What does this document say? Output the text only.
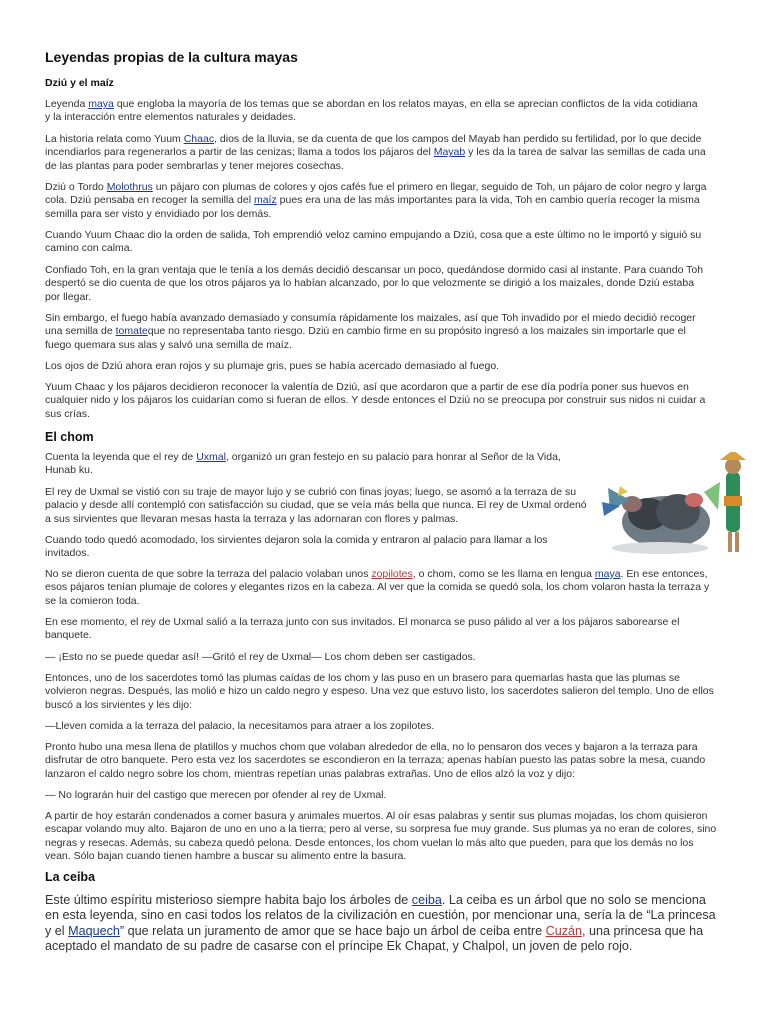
Leyendas propias de la cultura mayas
Dziú y el maíz

Leyenda maya que engloba la mayoría de los temas que se abordan en los relatos mayas, en ella se aprecian conflictos de la vida cotidiana y la interacción entre elementos naturales y deidades.

La historia relata como Yuum Chaac, dios de la lluvia, se da cuenta de que los campos del Mayab han perdido su fertilidad, por lo que decide incendiarlos para regenerarlos a partir de las cenizas; llama a todos los pájaros del Mayab y les da la tarea de salvar las semillas de cada una de las plantas para poder sembrarlas y tener mejores cosechas.

Dziú o Tordo Molothrus un pájaro con plumas de colores y ojos cafés fue el primero en llegar, seguido de Toh, un pájaro de color negro y larga cola. Dziú pensaba en recoger la semilla del maíz pues era una de las más importantes para la vida, Toh en cambio quería recoger la misma semilla para ser visto y envidiado por los demás.

Cuando Yuum Chaac dio la orden de salida, Toh emprendió veloz camino empujando a Dziú, cosa que a este último no le importó y siguió su camino con calma.

Confiado Toh, en la gran ventaja que le tenía a los demás decidió descansar un poco, quedándose dormido casi al instante. Para cuando Toh despertó se dio cuenta de que los otros pájaros ya lo habían alcanzado, por lo que velozmente se dirigió a los maizales, donde Dziú estaba por llegar.

Sin embargo, el fuego había avanzado demasiado y consumía rápidamente los maizales, así que Toh invadido por el miedo decidió recoger una semilla de tomateque no representaba tanto riesgo. Dziú en cambio firme en su propósito ingresó a los maizales sin importarle que el fuego quemara sus alas y salvó una semilla de maíz.

Los ojos de Dziú ahora eran rojos y su plumaje gris, pues se había acercado demasiado al fuego.

Yuum Chaac y los pájaros decidieron reconocer la valentía de Dziú, así que acordaron que a partir de ese día podría poner sus huevos en cualquier nido y los pájaros los cuidarían como si fueran de ellos. Y desde entonces el Dziú no se preocupa por construir sus nidos ni cuidar a sus crías.

El chom

Cuenta la leyenda que el rey de Uxmal, organizó un gran festejo en su palacio para honrar al Señor de la Vida, Hunab ku.

El rey de Uxmal se vistió con su traje de mayor lujo y se cubrió con finas joyas; luego, se asomó a la terraza de su palacio y desde allí contempló con satisfacción su ciudad, que se veía más bella que nunca. El rey de Uxmal ordenó a sus sirvientes que llevaran mesas hasta la terraza y las adornaran con flores y palmas.

Cuando todo quedó acomodado, los sirvientes dejaron sola la comida y entraron al palacio para llamar a los invitados.

No se dieron cuenta de que sobre la terraza del palacio volaban unos zopilotes, o chom, como se les llama en lengua maya. En ese entonces, esos pájaros tenían plumaje de colores y elegantes rizos en la cabeza. Al ver que la comida se quedó sola, los chom volaron hasta la terraza y se la comieron toda.

En ese momento, el rey de Uxmal salió a la terraza junto con sus invitados. El monarca se puso pálido al ver a los pájaros saborearse el banquete.

— ¡Esto no se puede quedar así! —Gritó el rey de Uxmal— Los chom deben ser castigados.

Entonces, uno de los sacerdotes tomó las plumas caídas de los chom y las puso en un brasero para quemarlas hasta que las plumas se volvieron negras. Después, las molió e hizo un caldo negro y espeso. Una vez que estuvo listo, los sacerdotes salieron del templo. Uno de ellos buscó a los sirvientes y les dijo:

—Lleven comida a la terraza del palacio, la necesitamos para atraer a los zopilotes.

Pronto hubo una mesa llena de platillos y muchos chom que volaban alrededor de ella, no lo pensaron dos veces y bajaron a la terraza para disfrutar de otro banquete. Pero esta vez los sacerdotes se escondieron en la terraza; apenas habían puesto las patas sobre la mesa, cuando lanzaron el caldo negro sobre los chom, mientras repetían unas palabras extrañas. Uno de ellos alzó la voz y dijo:

— No lograrán huir del castigo que merecen por ofender al rey de Uxmal.

A partir de hoy estarán condenados a comer basura y animales muertos. Al oír esas palabras y sentir sus plumas mojadas, los chom quisieron escapar volando muy alto. Bajaron de uno en uno a la tierra; pero al verse, su sorpresa fue muy grande. Sus plumas ya no eran de colores, sino negras y resecas. Además, su cabeza quedó pelona. Desde entonces, los chom vuelan lo más alto que pueden, para que los demás no los vean. Sólo bajan cuando tienen hambre a buscar su alimento entre la basura.

La ceiba

Este último espíritu misterioso siempre habita bajo los árboles de ceiba. La ceiba es un árbol que no solo se menciona en esta leyenda, sino en casi todos los relatos de la civilización en cuestión, por mencionar una, sería la de “La princesa y el Maquech” que relata un juramento de amor que se hace bajo un árbol de ceiba entre Cuzán, una princesa que ha aceptado el mandato de su padre de casarse con el príncipe Ek Chapat, y Chalpol, un joven de pelo rojo.
